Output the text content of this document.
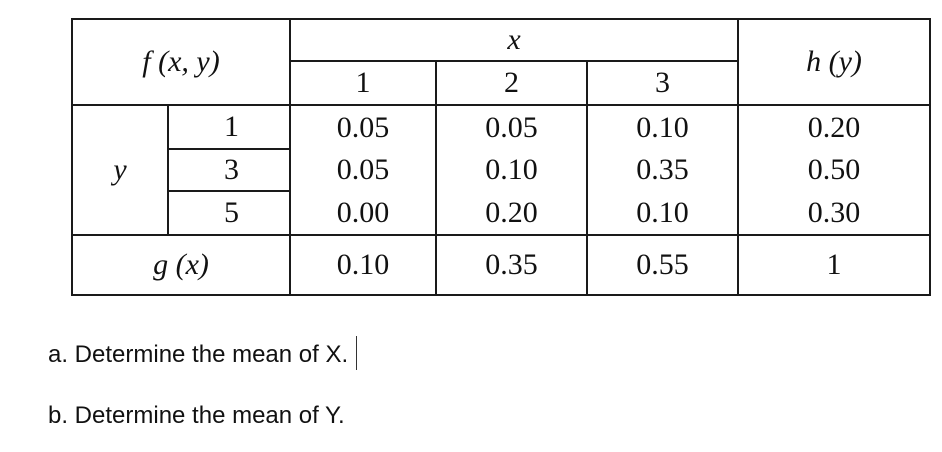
f (x, y)		x			h (y)
		1	2	3	
y	1	0.05	0.05	0.10	0.20
	3	0.05	0.10	0.35	0.50
	5	0.00	0.20	0.10	0.30
g (x)		0.10	0.35	0.55	1
a. Determine the mean of X.
b. Determine the mean of Y.
